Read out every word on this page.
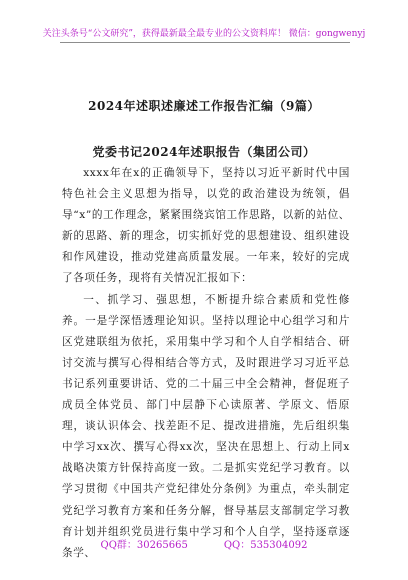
关注头条号“公文研究”，获得最新最全最专业的公文资料库！ 微信：gongwenyj
2024年述职述廉述工作报告汇编（9篇）
党委书记2024年述职报告（集团公司）

xxxx年在x的正确领导下，坚持以习近平新时代中国特色社会主义思想为指导，以党的政治建设为统领，倡导“x”的工作理念，紧紧围绕宾馆工作思路，以新的站位、新的思路、新的理念，切实抓好党的思想建设、组织建设和作风建设，推动党建高质量发展。一年来，较好的完成了各项任务，现将有关情况汇报如下：

一、抓学习、强思想，不断提升综合素质和党性修养。一是学深悟透理论知识。坚持以理论中心组学习和片区党建联组为依托，采用集中学习和个人自学相结合、研讨交流与撰写心得相结合等方式，及时跟进学习习近平总书记系列重要讲话、党的二十届三中全会精神，督促班子成员全体党员、部门中层静下心读原著、学原文、悟原理，谈认识体会、找差距不足、提改进措施，先后组织集中学习xx次、撰写心得xx次，坚决在思想上、行动上同x战略决策方针保持高度一致。二是抓实党纪学习教育。以学习贯彻《中国共产党纪律处分条例》为重点，牵头制定党纪学习教育方案和任务分解，督导基层支部制定学习教育计划并组织党员进行集中学习和个人自学，坚持逐章逐条学、

QQ群：30265665	QQ：535304092
